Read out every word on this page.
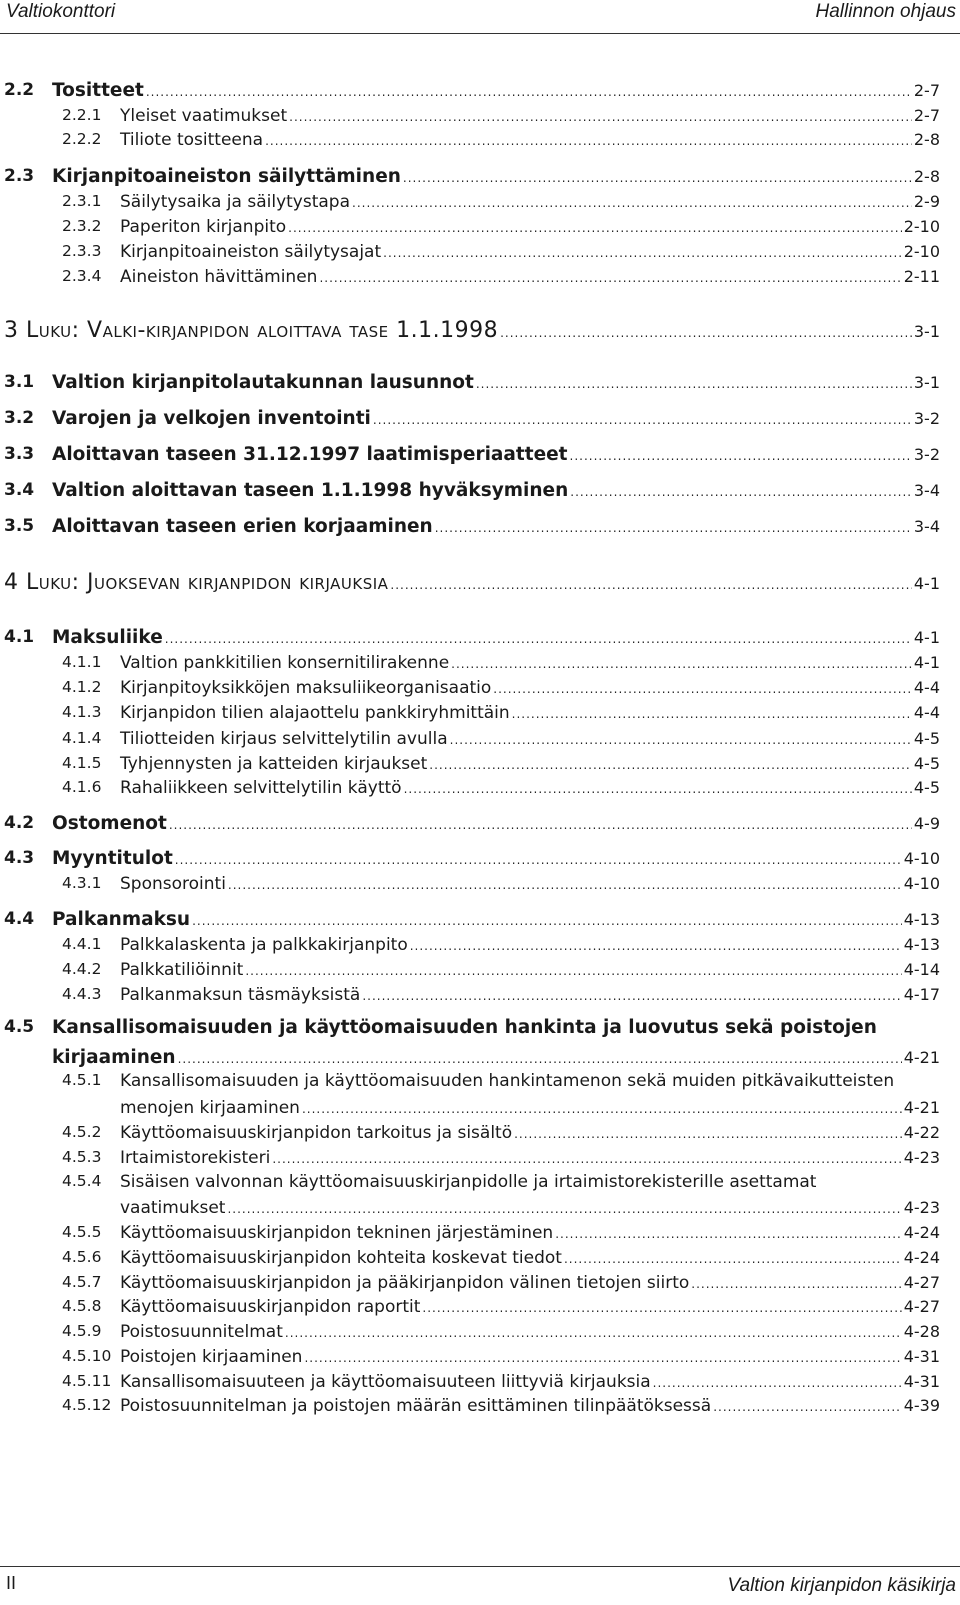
Valtiokonttori	Hallinnon ohjaus
2.2 Tositteet .....	2-7
2.2.1 Yleiset vaatimukset .....	2-7
2.2.2 Tiliote tositteena .....	2-8
2.3 Kirjanpitoaineiston säilyttäminen .....	2-8
2.3.1 Säilytysaika ja säilytystapa .....	2-9
2.3.2 Paperiton kirjanpito .....	2-10
2.3.3 Kirjanpitoaineiston säilytysajat .....	2-10
2.3.4 Aineiston hävittäminen .....	2-11
3 Luku: Valki-kirjanpidon aloittava tase 1.1.1998 .....	3-1
3.1 Valtion kirjanpitolautakunnan lausunnot .....	3-1
3.2 Varojen ja velkojen inventointi .....	3-2
3.3 Aloittavan taseen 31.12.1997 laatimisperiaatteet .....	3-2
3.4 Valtion aloittavan taseen 1.1.1998 hyväksyminen .....	3-4
3.5 Aloittavan taseen erien korjaaminen .....	3-4
4 Luku: Juoksevan kirjanpidon kirjauksia .....	4-1
4.1 Maksuliike .....	4-1
4.1.1 Valtion pankkitilien konsernitilirakenne .....	4-1
4.1.2 Kirjanpitoyksikköjen maksuliikeorganisaatio .....	4-4
4.1.3 Kirjanpidon tilien alajaottelu pankkiryhmittäin .....	4-4
4.1.4 Tiliotteiden kirjaus selvittelytilin avulla .....	4-5
4.1.5 Tyhjennysten ja katteiden kirjaukset .....	4-5
4.1.6 Rahaliikkeen selvittelytilin käyttö .....	4-5
4.2 Ostomenot .....	4-9
4.3 Myyntitulot .....	4-10
4.3.1 Sponsorointi .....	4-10
4.4 Palkanmaksu .....	4-13
4.4.1 Palkkalaskenta ja palkkakirjanpito .....	4-13
4.4.2 Palkkatiliöinnit .....	4-14
4.4.3 Palkanmaksun täsmäyksistä .....	4-17
4.5 Kansallisomaisuuden ja käyttöomaisuuden hankinta ja luovutus sekä poistojen
kirjaaminen .....	4-21
4.5.1 Kansallisomaisuuden ja käyttöomaisuuden hankintamenon sekä muiden pitkävaikutteisten
menojen kirjaaminen .....	4-21
4.5.2 Käyttöomaisuuskirjanpidon tarkoitus ja sisältö .....	4-22
4.5.3 Irtaimistorekisteri .....	4-23
4.5.4 Sisäisen valvonnan käyttöomaisuuskirjanpidolle ja irtaimistorekisterille asettamat
vaatimukset .....	4-23
4.5.5 Käyttöomaisuuskirjanpidon tekninen järjestäminen .....	4-24
4.5.6 Käyttöomaisuuskirjanpidon kohteita koskevat tiedot .....	4-24
4.5.7 Käyttöomaisuuskirjanpidon ja pääkirjanpidon välinen tietojen siirto .....	4-27
4.5.8 Käyttöomaisuuskirjanpidon raportit .....	4-27
4.5.9 Poistosuunnitelmat .....	4-28
4.5.10 Poistojen kirjaaminen .....	4-31
4.5.11 Kansallisomaisuuteen ja käyttöomaisuuteen liittyviä kirjauksia .....	4-31
4.5.12 Poistosuunnitelman ja poistojen määrän esittäminen tilinpäätöksessä .....	4-39
II	Valtion kirjanpidon käsikirja
